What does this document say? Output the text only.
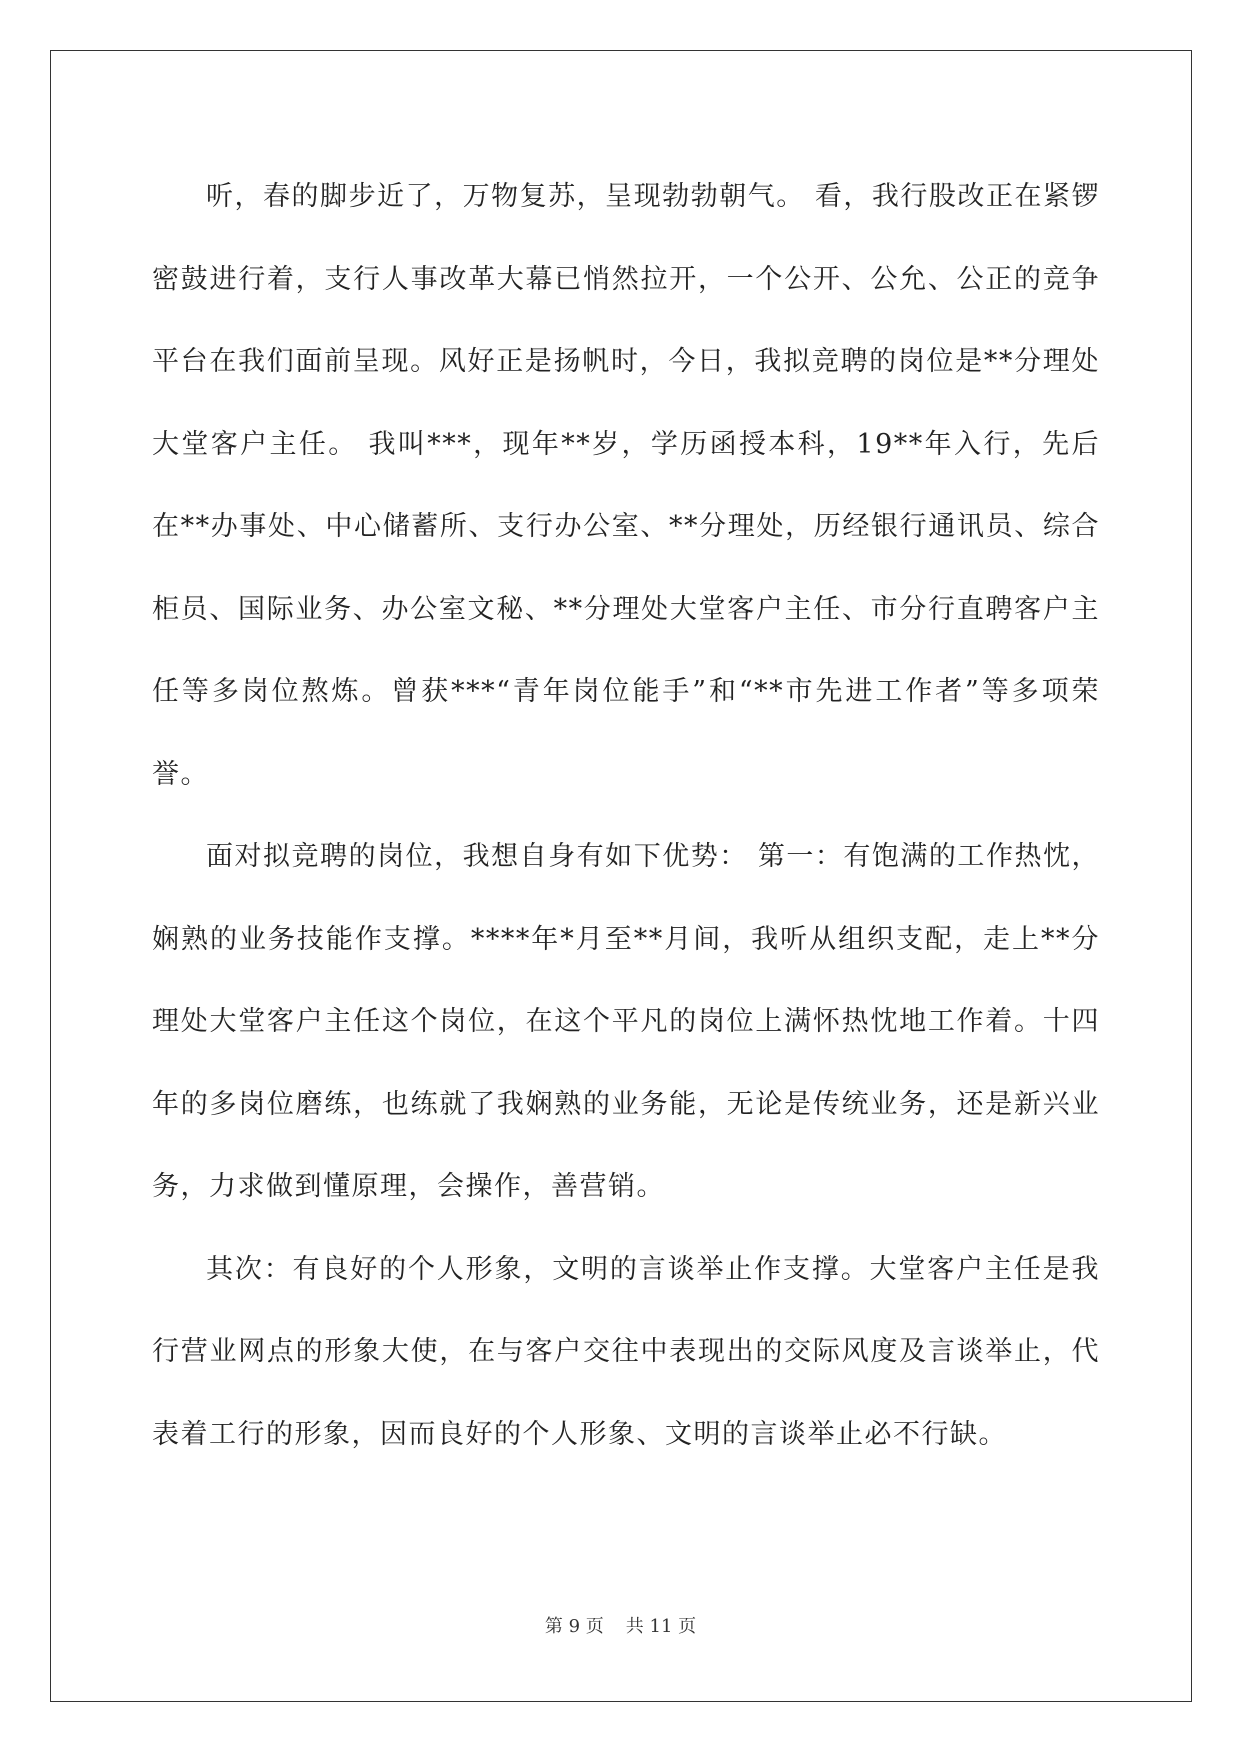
听，春的脚步近了，万物复苏，呈现勃勃朝气。 看，我行股改正在紧锣密鼓进行着，支行人事改革大幕已悄然拉开，一个公开、公允、公正的竞争平台在我们面前呈现。风好正是扬帆时，今日，我拟竞聘的岗位是**分理处大堂客户主任。 我叫***，现年**岁，学历函授本科，19**年入行，先后在**办事处、中心储蓄所、支行办公室、**分理处，历经银行通讯员、综合柜员、国际业务、办公室文秘、**分理处大堂客户主任、市分行直聘客户主任等多岗位熬炼。曾获***“青年岗位能手”和“**市先进工作者”等多项荣誉。

面对拟竞聘的岗位，我想自身有如下优势： 第一：有饱满的工作热忱，娴熟的业务技能作支撑。****年*月至**月间，我听从组织支配，走上**分理处大堂客户主任这个岗位，在这个平凡的岗位上满怀热忱地工作着。十四年的多岗位磨练，也练就了我娴熟的业务能，无论是传统业务，还是新兴业务，力求做到懂原理，会操作，善营销。

其次：有良好的个人形象，文明的言谈举止作支撑。大堂客户主任是我行营业网点的形象大使，在与客户交往中表现出的交际风度及言谈举止，代表着工行的形象，因而良好的个人形象、文明的言谈举止必不行缺。

第 9 页 共 11 页
